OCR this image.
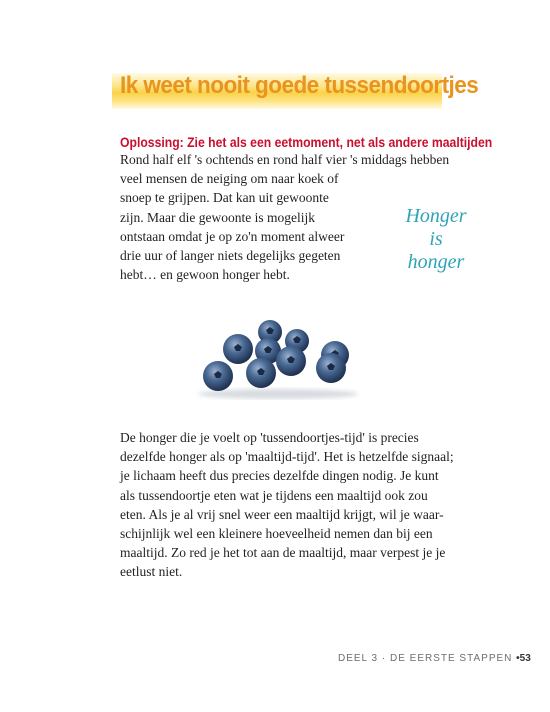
Ik weet nooit goede tussendoortjes
Oplossing: Zie het als een eetmoment, net als andere maaltijden
Rond half elf 's ochtends en rond half vier 's middags hebben
veel mensen de neiging om naar koek of
snoep te grijpen. Dat kan uit gewoonte
zijn. Maar die gewoonte is mogelijk
ontstaan omdat je op zo'n moment alweer
drie uur of langer niets degelijks gegeten
hebt… en gewoon honger hebt.
Honger
is
honger
De honger die je voelt op 'tussendoortjes-tijd' is precies
dezelfde honger als op 'maaltijd-tijd'. Het is hetzelfde signaal;
je lichaam heeft dus precies dezelfde dingen nodig. Je kunt
als tussendoortje eten wat je tijdens een maaltijd ook zou
eten. Als je al vrij snel weer een maaltijd krijgt, wil je waar-
schijnlijk wel een kleinere hoeveelheid nemen dan bij een
maaltijd. Zo red je het tot aan de maaltijd, maar verpest je je
eetlust niet.
DEEL 3 · DE EERSTE STAPPEN •53
